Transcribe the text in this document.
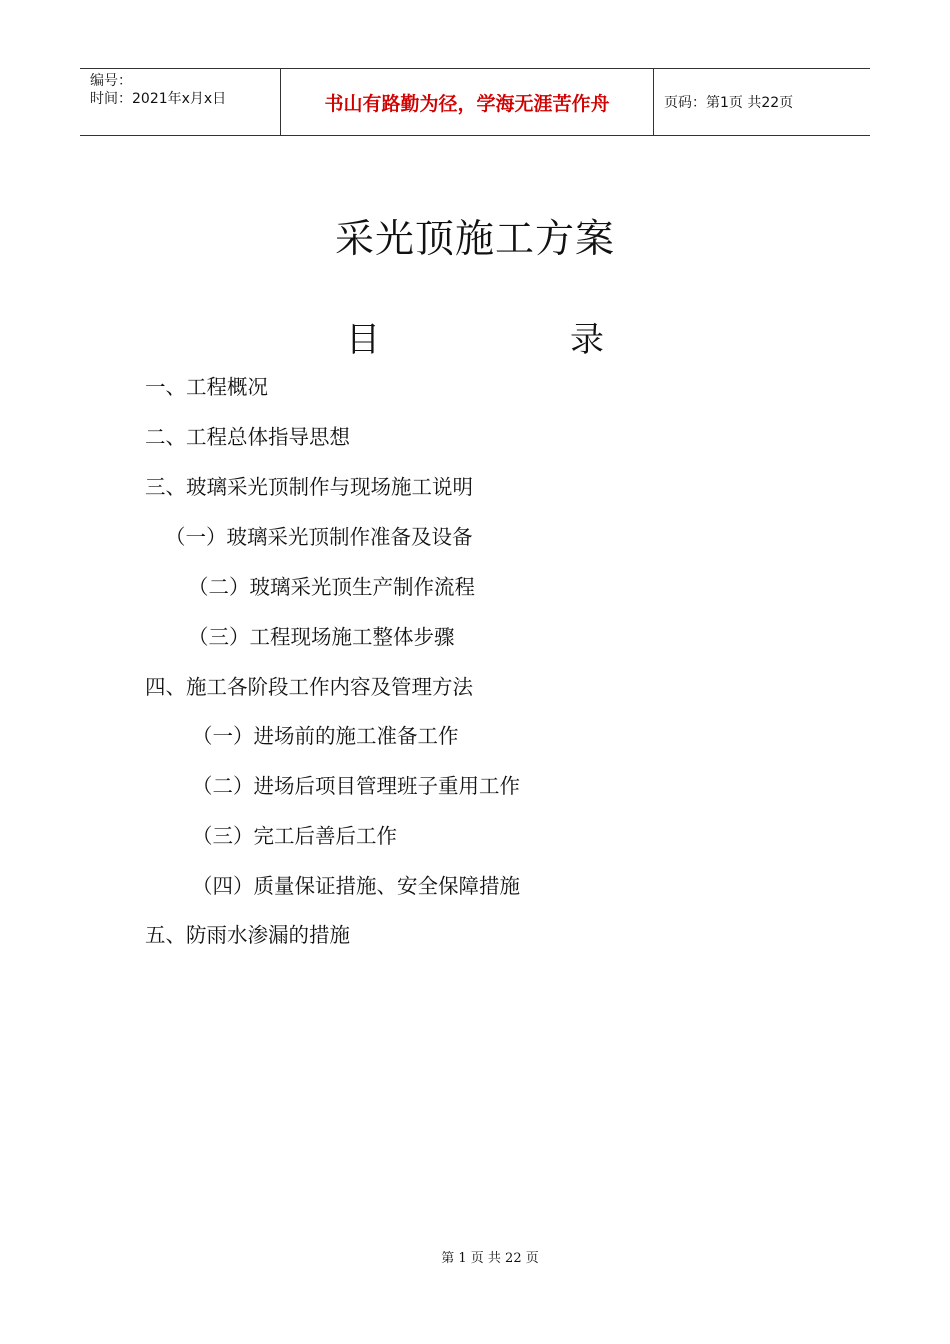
编号：
时间：2021年x月x日	书山有路勤为径，学海无涯苦作舟	页码：第1页 共22页
采光顶施工方案
目	录
一、工程概况
二、工程总体指导思想
三、玻璃采光顶制作与现场施工说明
（一）玻璃采光顶制作准备及设备
（二）玻璃采光顶生产制作流程
（三）工程现场施工整体步骤
四、施工各阶段工作内容及管理方法
（一）进场前的施工准备工作
（二）进场后项目管理班子重用工作
（三）完工后善后工作
（四）质量保证措施、安全保障措施
五、防雨水渗漏的措施
第 1 页 共 22 页
